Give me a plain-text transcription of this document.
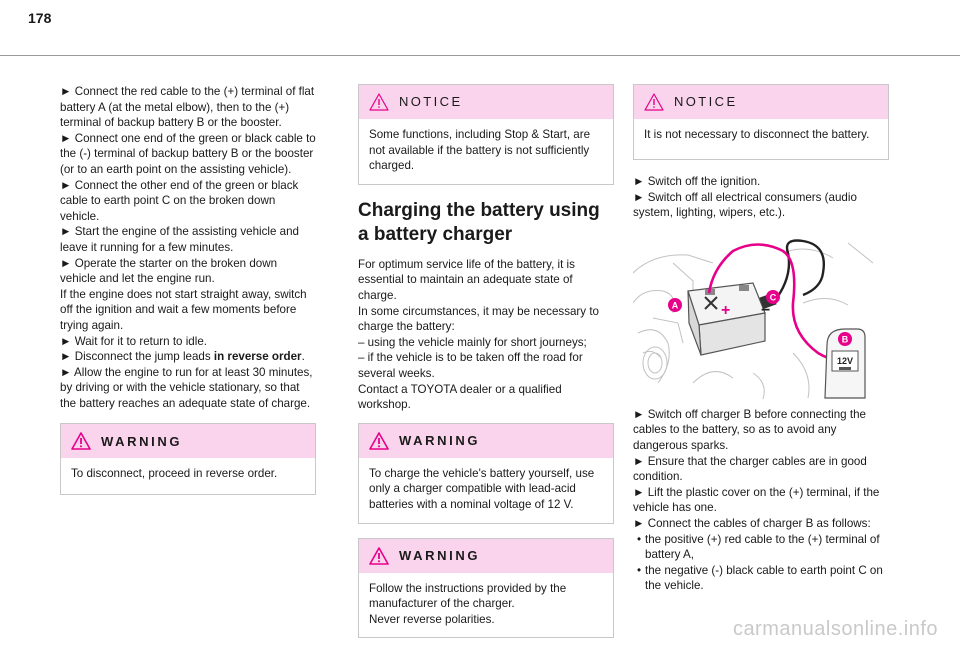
178

► Connect the red cable to the (+) terminal of flat battery A (at the metal elbow), then to the (+) terminal of backup battery B or the booster.

► Connect one end of the green or black cable to the (-) terminal of backup battery B or the booster (or to an earth point on the assisting vehicle).

► Connect the other end of the green or black cable to earth point C on the broken down vehicle.

► Start the engine of the assisting vehicle and leave it running for a few minutes.

► Operate the starter on the broken down vehicle and let the engine run.

If the engine does not start straight away, switch off the ignition and wait a few moments before trying again.

► Wait for it to return to idle.

► Disconnect the jump leads in reverse order.

► Allow the engine to run for at least 30 minutes, by driving or with the vehicle stationary, so that the battery reaches an adequate state of charge.

WARNING
To disconnect, proceed in reverse order.
NOTICE
Some functions, including Stop & Start, are not available if the battery is not sufficiently charged.
Charging the battery using a battery charger

For optimum service life of the battery, it is essential to maintain an adequate state of charge.

In some circumstances, it may be necessary to charge the battery:

– using the vehicle mainly for short journeys;

– if the vehicle is to be taken off the road for several weeks.

Contact a TOYOTA dealer or a qualified workshop.

WARNING
To charge the vehicle's battery yourself, use only a charger compatible with lead-acid batteries with a nominal voltage of 12 V.
WARNING

Follow the instructions provided by the manufacturer of the charger.

Never reverse polarities.

NOTICE
It is not necessary to disconnect the battery.

► Switch off the ignition.

► Switch off all electrical consumers (audio system, lighting, wipers, etc.).

+ −
12V
A
C
B

► Switch off charger B before connecting the cables to the battery, so as to avoid any dangerous sparks.

► Ensure that the charger cables are in good condition.

► Lift the plastic cover on the (+) terminal, if the vehicle has one.

► Connect the cables of charger B as follows:

• the positive (+) red cable to the (+) terminal of battery A,

• the negative (-) black cable to earth point C on the vehicle.

carmanualsonline.info
